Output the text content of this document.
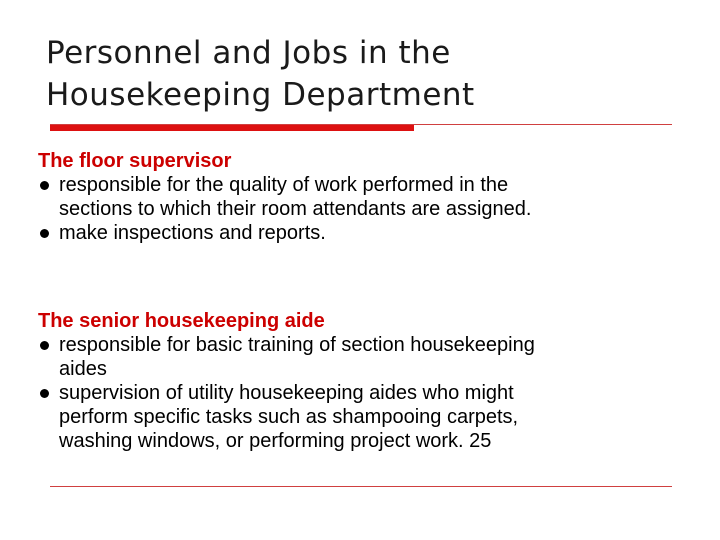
Personnel and Jobs in the
Housekeeping Department
The floor supervisor
responsible for the quality of work performed in the
sections to which their room attendants are assigned.
make inspections and reports.
The senior housekeeping aide
responsible for basic training of section housekeeping
aides
supervision of utility housekeeping aides who might
perform specific tasks such as shampooing carpets,
washing windows, or performing project work. 25
